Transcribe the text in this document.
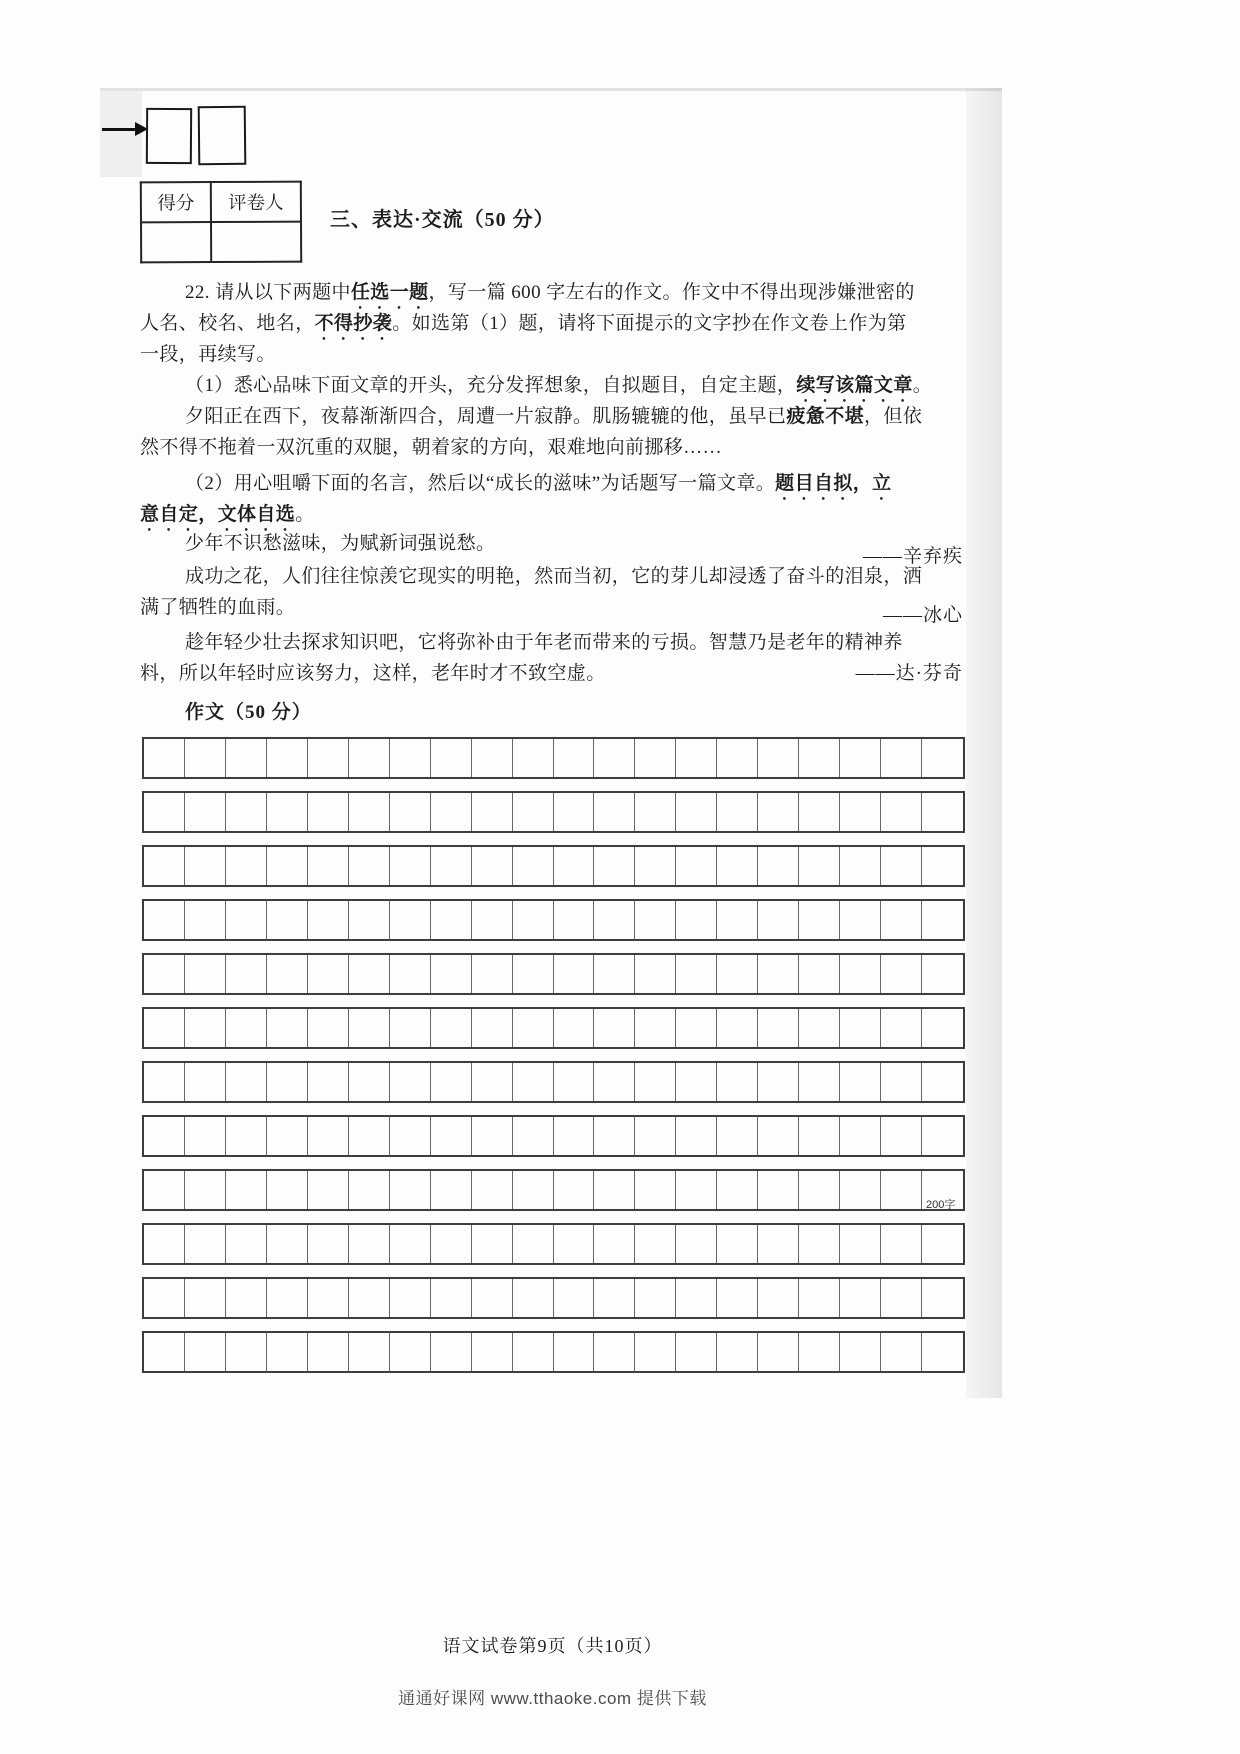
得分	评卷人

三、表达·交流（50 分）
22. 请从以下两题中任选一题，写一篇 600 字左右的作文。作文中不得出现涉嫌泄密的
人名、校名、地名，不得抄袭。如选第（1）题，请将下面提示的文字抄在作文卷上作为第
一段，再续写。
（1）悉心品味下面文章的开头，充分发挥想象，自拟题目，自定主题，续写该篇文章。
夕阳正在西下，夜幕渐渐四合，周遭一片寂静。肌肠辘辘的他，虽早已疲惫不堪，但依
然不得不拖着一双沉重的双腿，朝着家的方向，艰难地向前挪移……
（2）用心咀嚼下面的名言，然后以“成长的滋味”为话题写一篇文章。题目自拟，立
意自定，文体自选。
少年不识愁滋味，为赋新词强说愁。
——辛弃疾
成功之花，人们往往惊羡它现实的明艳，然而当初，它的芽儿却浸透了奋斗的泪泉，洒
满了牺牲的血雨。	——冰心
趁年轻少壮去探求知识吧，它将弥补由于年老而带来的亏损。智慧乃是老年的精神养
料，所以年轻时应该努力，这样，老年时才不致空虚。	——达·芬奇
作文（50 分）
200字
语文试卷第9页（共10页）
通通好课网 www.tthaoke.com 提供下载
